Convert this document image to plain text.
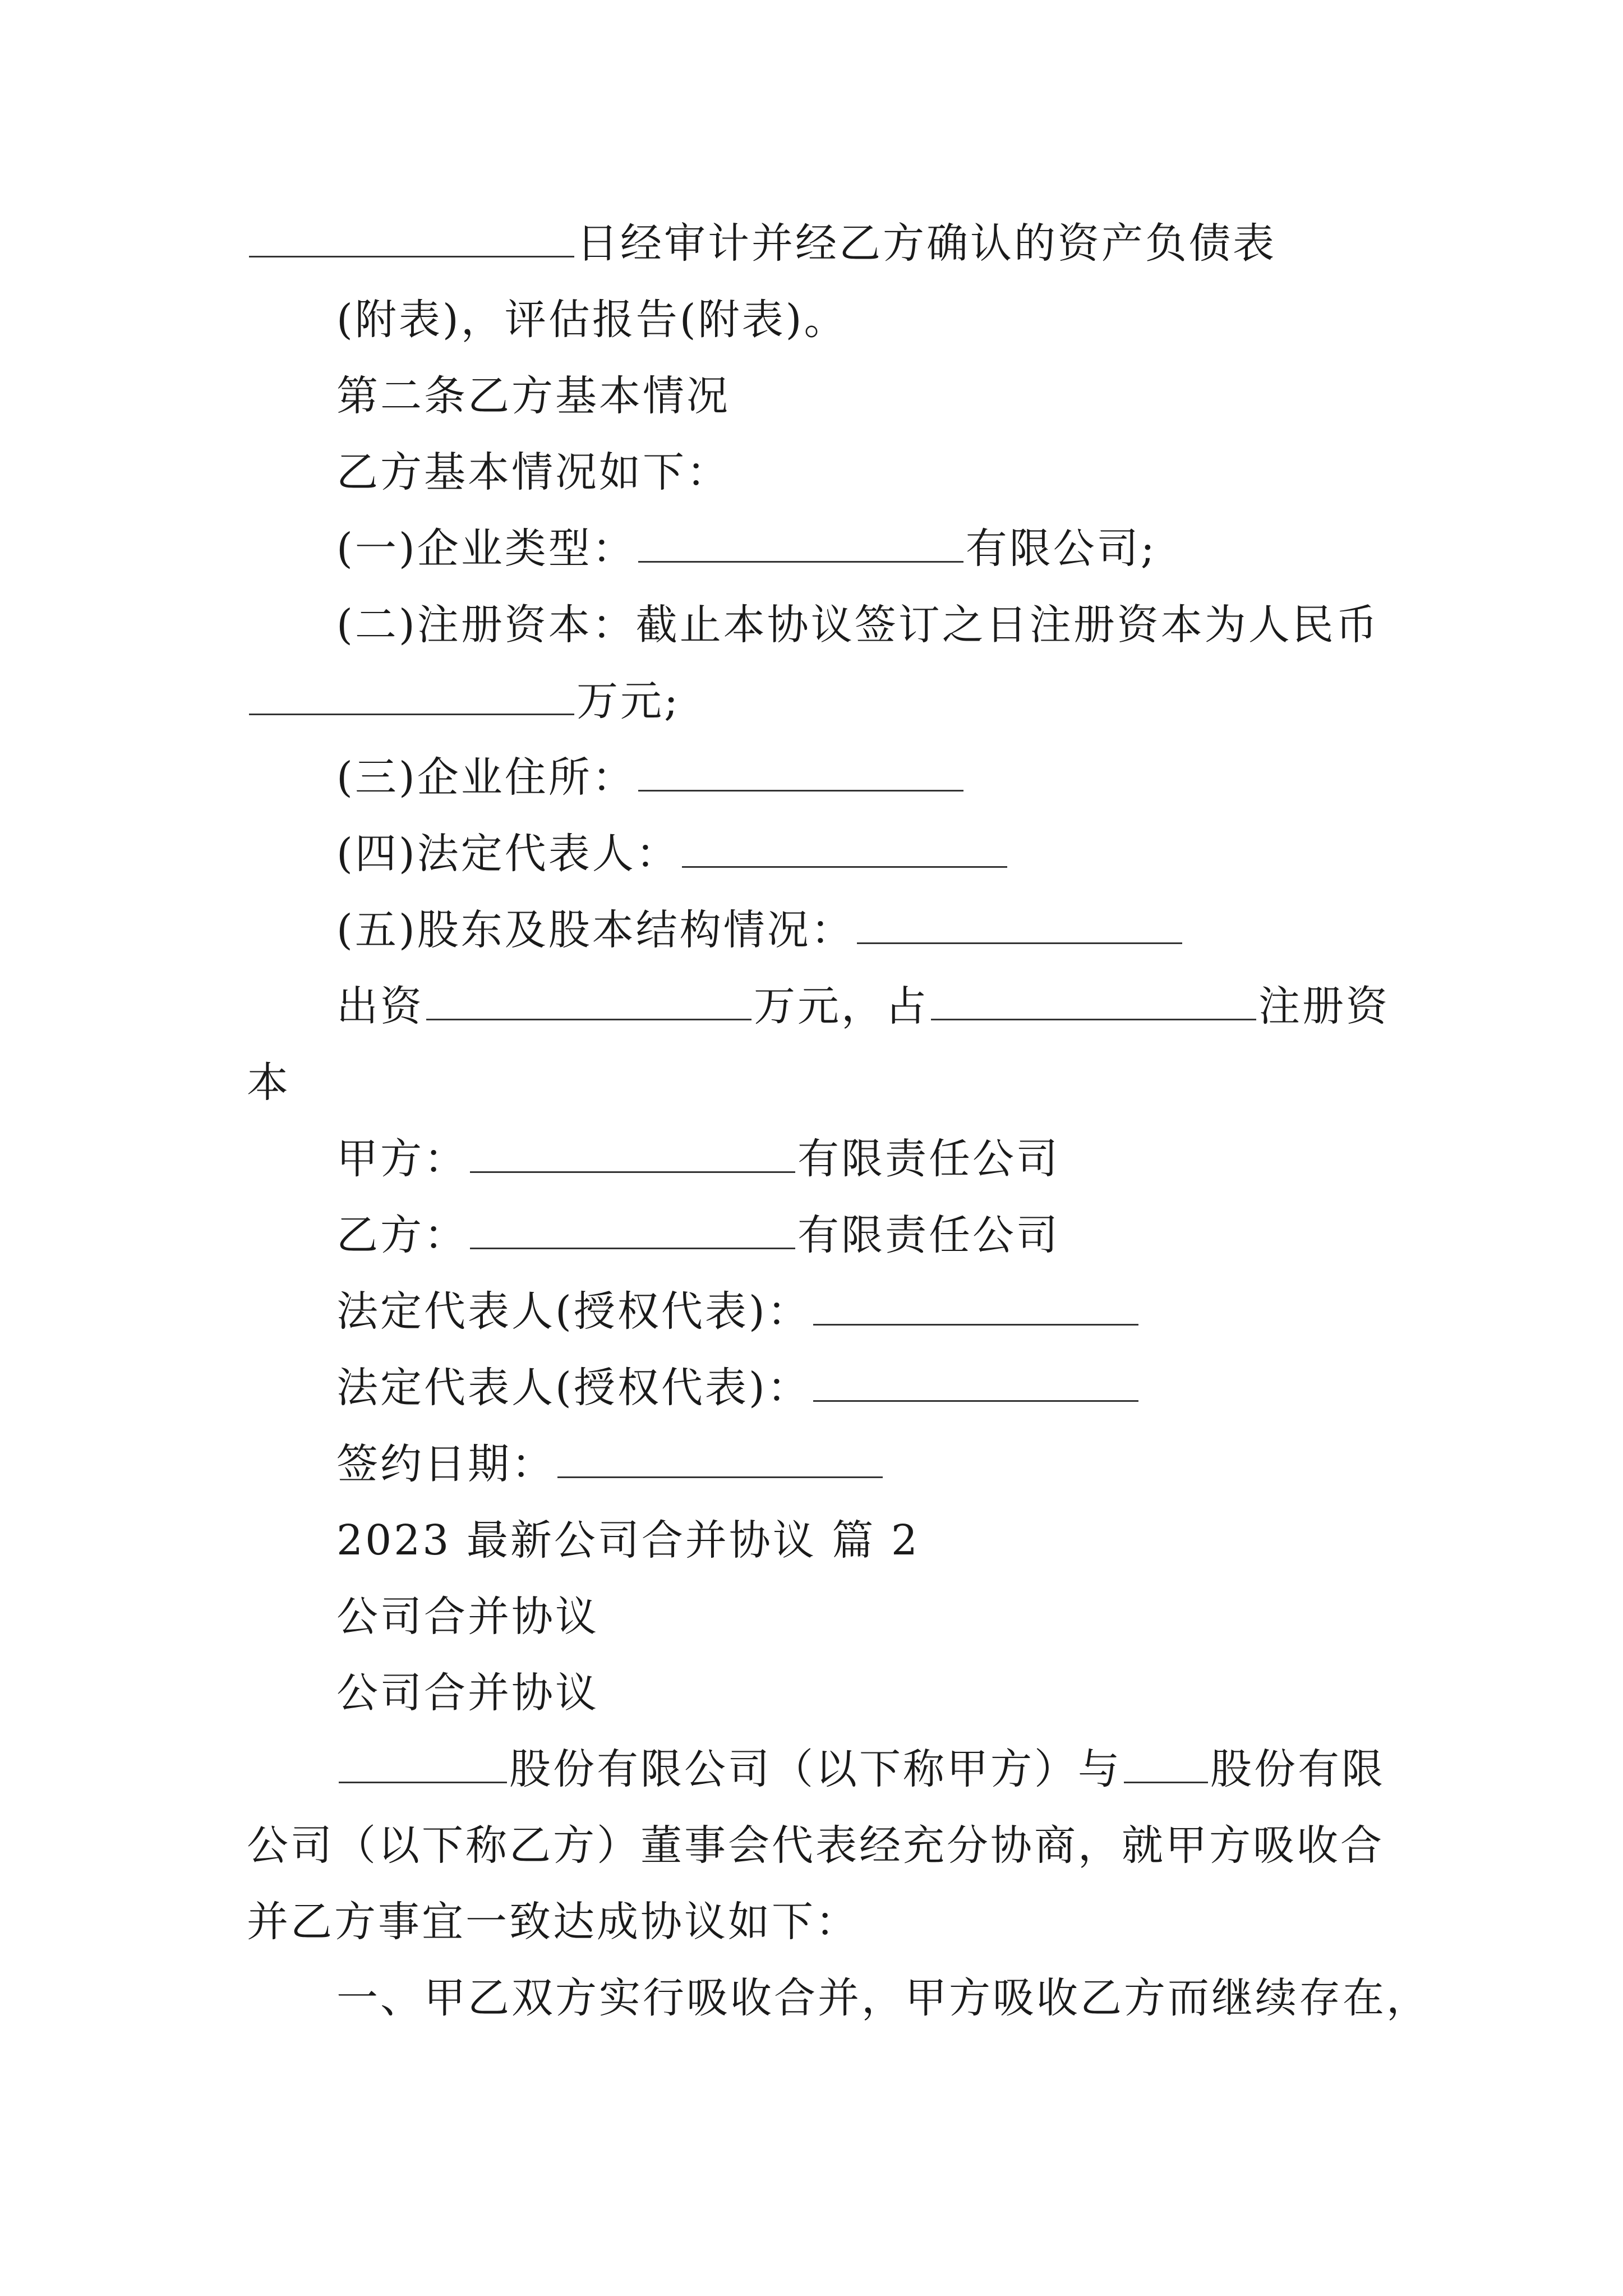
日经审计并经乙方确认的资产负债表
(附表)，评估报告(附表)。
第二条乙方基本情况
乙方基本情况如下：
(一)企业类型：	有限公司;
(二)注册资本：截止本协议签订之日注册资本为人民币
万元;
(三)企业住所：
(四)法定代表人：
(五)股东及股本结构情况：
出资	万元，占	注册资
本
甲方：	有限责任公司
乙方：	有限责任公司
法定代表人(授权代表)：
法定代表人(授权代表)：
签约日期：
2023 最新公司合并协议 篇 2
公司合并协议
公司合并协议
股份有限公司（以下称甲方）与 股份有限
公司（以下称乙方）董事会代表经充分协商，就甲方吸收合
并乙方事宜一致达成协议如下：
一、甲乙双方实行吸收合并，甲方吸收乙方而继续存在，
